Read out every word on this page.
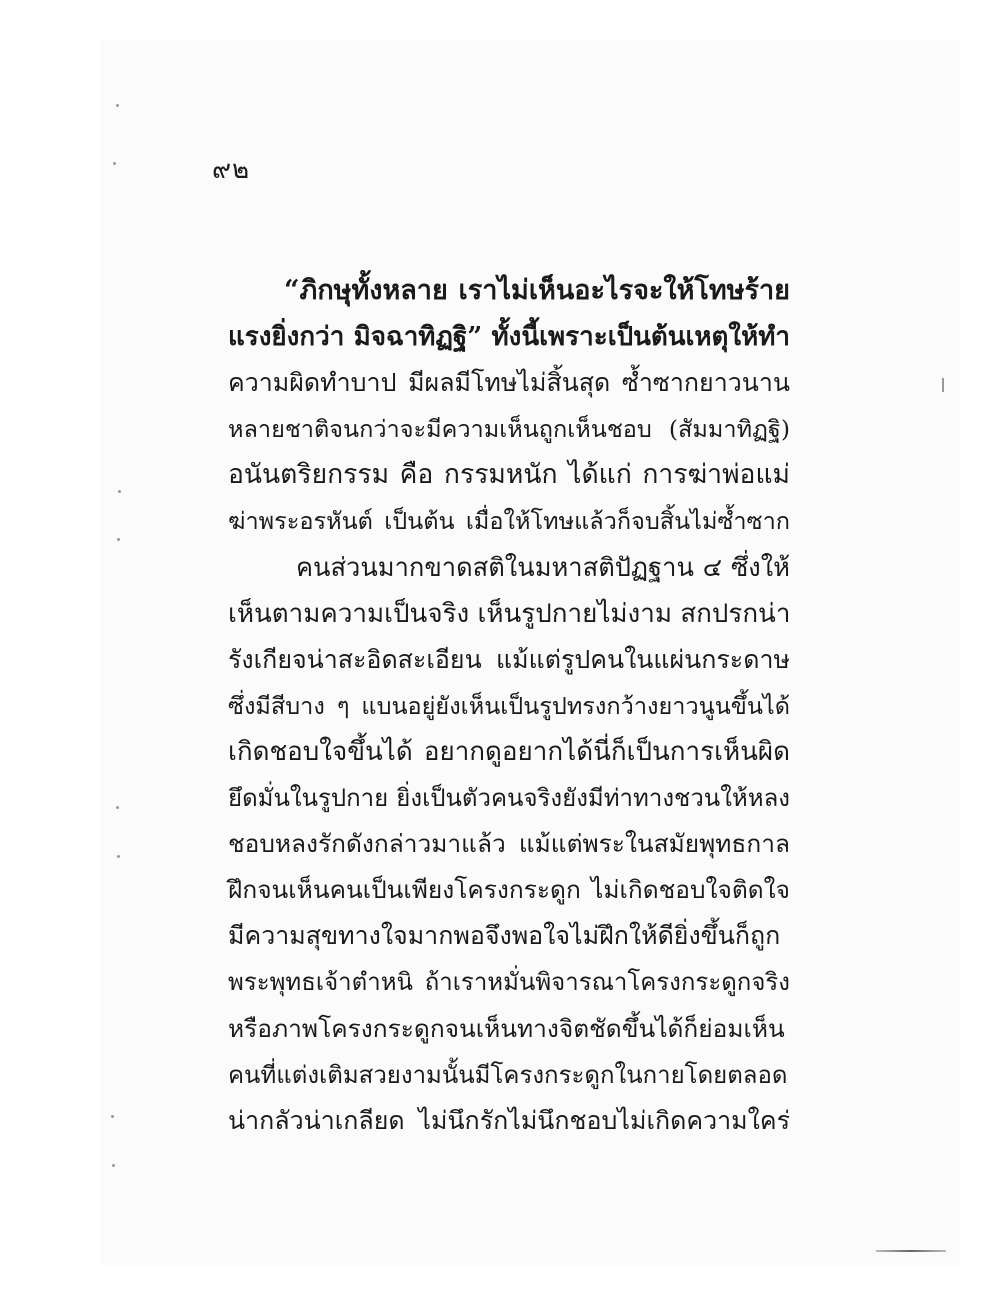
๙๒
“ภิกษุทั้งหลาย เราไม่เห็นอะไรจะให้โทษร้าย
แรงยิ่งกว่า มิจฉาทิฏฐิ” ทั้งนี้เพราะเป็นต้นเหตุให้ทำ
ความผิดทำบาป มีผลมีโทษไม่สิ้นสุด ซ้ำซากยาวนาน
หลายชาติจนกว่าจะมีความเห็นถูกเห็นชอบ (สัมมาทิฏฐิ)
อนันตริยกรรม คือ กรรมหนัก ได้แก่ การฆ่าพ่อแม่
ฆ่าพระอรหันต์ เป็นต้น เมื่อให้โทษแล้วก็จบสิ้นไม่ซ้ำซาก
คนส่วนมากขาดสติในมหาสติปัฏฐาน ๔ ซึ่งให้
เห็นตามความเป็นจริง เห็นรูปกายไม่งาม สกปรกน่า
รังเกียจน่าสะอิดสะเอียน แม้แต่รูปคนในแผ่นกระดาษ
ซึ่งมีสีบาง ๆ แบนอยู่ยังเห็นเป็นรูปทรงกว้างยาวนูนขึ้นได้
เกิดชอบใจขึ้นได้ อยากดูอยากได้นี่ก็เป็นการเห็นผิด
ยึดมั่นในรูปกาย ยิ่งเป็นตัวคนจริงยังมีท่าทางชวนให้หลง
ชอบหลงรักดังกล่าวมาแล้ว แม้แต่พระในสมัยพุทธกาล
ฝึกจนเห็นคนเป็นเพียงโครงกระดูก ไม่เกิดชอบใจติดใจ
มีความสุขทางใจมากพอจึงพอใจไม่ฝึกให้ดียิ่งขึ้นก็ถูก
พระพุทธเจ้าตำหนิ ถ้าเราหมั่นพิจารณาโครงกระดูกจริง
หรือภาพโครงกระดูกจนเห็นทางจิตชัดขึ้นได้ก็ย่อมเห็น
คนที่แต่งเติมสวยงามนั้นมีโครงกระดูกในกายโดยตลอด
น่ากลัวน่าเกลียด ไม่นึกรักไม่นึกชอบไม่เกิดความใคร่
